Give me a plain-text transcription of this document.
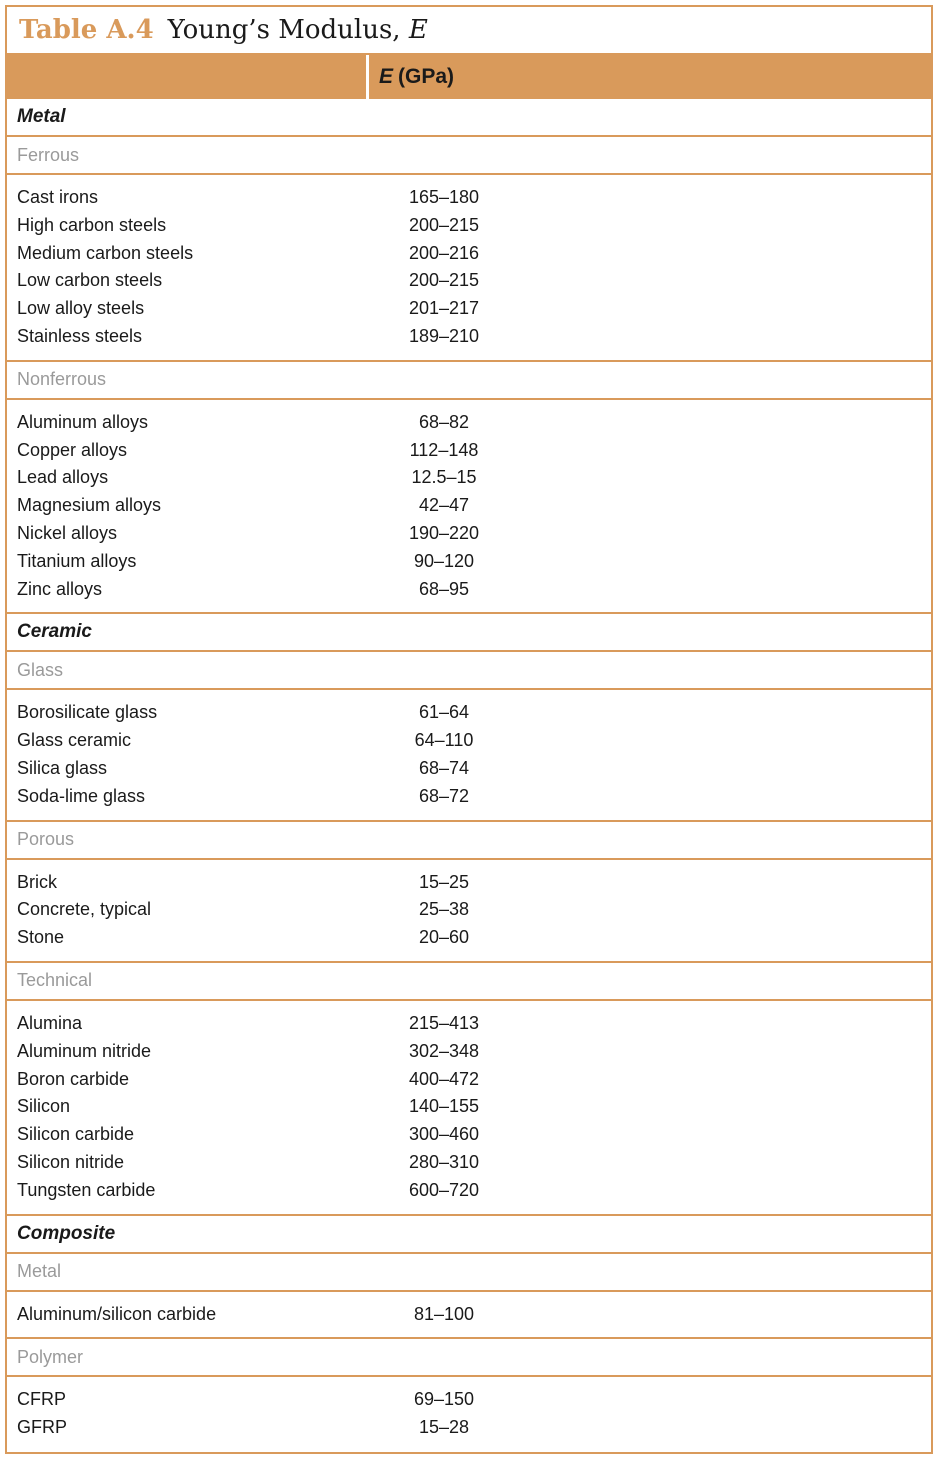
Table A.4 Young’s Modulus,
E
E (GPa)
Metal
Ferrous
Cast irons	165–180
High carbon steels	200–215
Medium carbon steels	200–216
Low carbon steels	200–215
Low alloy steels	201–217
Stainless steels	189–210
Nonferrous
Aluminum alloys	68–82
Copper alloys	112–148
Lead alloys	12.5–15
Magnesium alloys	42–47
Nickel alloys	190–220
Titanium alloys	90–120
Zinc alloys	68–95
Ceramic
Glass
Borosilicate glass	61–64
Glass ceramic	64–110
Silica glass	68–74
Soda-lime glass	68–72
Porous
Brick	15–25
Concrete, typical	25–38
Stone	20–60
Technical
Alumina	215–413
Aluminum nitride	302–348
Boron carbide	400–472
Silicon	140–155
Silicon carbide	300–460
Silicon nitride	280–310
Tungsten carbide	600–720
Composite
Metal
Aluminum/silicon carbide	81–100
Polymer
CFRP	69–150
GFRP	15–28
